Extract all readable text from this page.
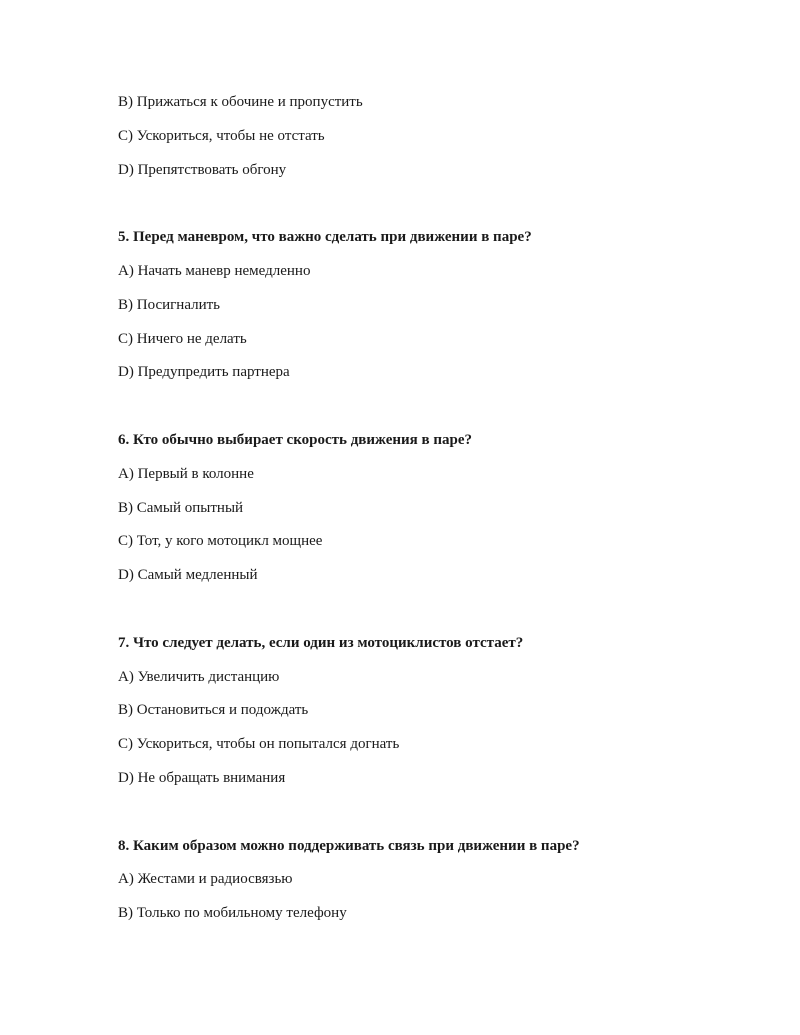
B) Прижаться к обочине и пропустить
C) Ускориться, чтобы не отстать
D) Препятствовать обгону
5. Перед маневром, что важно сделать при движении в паре?
A) Начать маневр немедленно
B) Посигналить
C) Ничего не делать
D) Предупредить партнера
6. Кто обычно выбирает скорость движения в паре?
A) Первый в колонне
B) Самый опытный
C) Тот, у кого мотоцикл мощнее
D) Самый медленный
7. Что следует делать, если один из мотоциклистов отстает?
A) Увеличить дистанцию
B) Остановиться и подождать
C) Ускориться, чтобы он попытался догнать
D) Не обращать внимания
8. Каким образом можно поддерживать связь при движении в паре?
A) Жестами и радиосвязью
B) Только по мобильному телефону
